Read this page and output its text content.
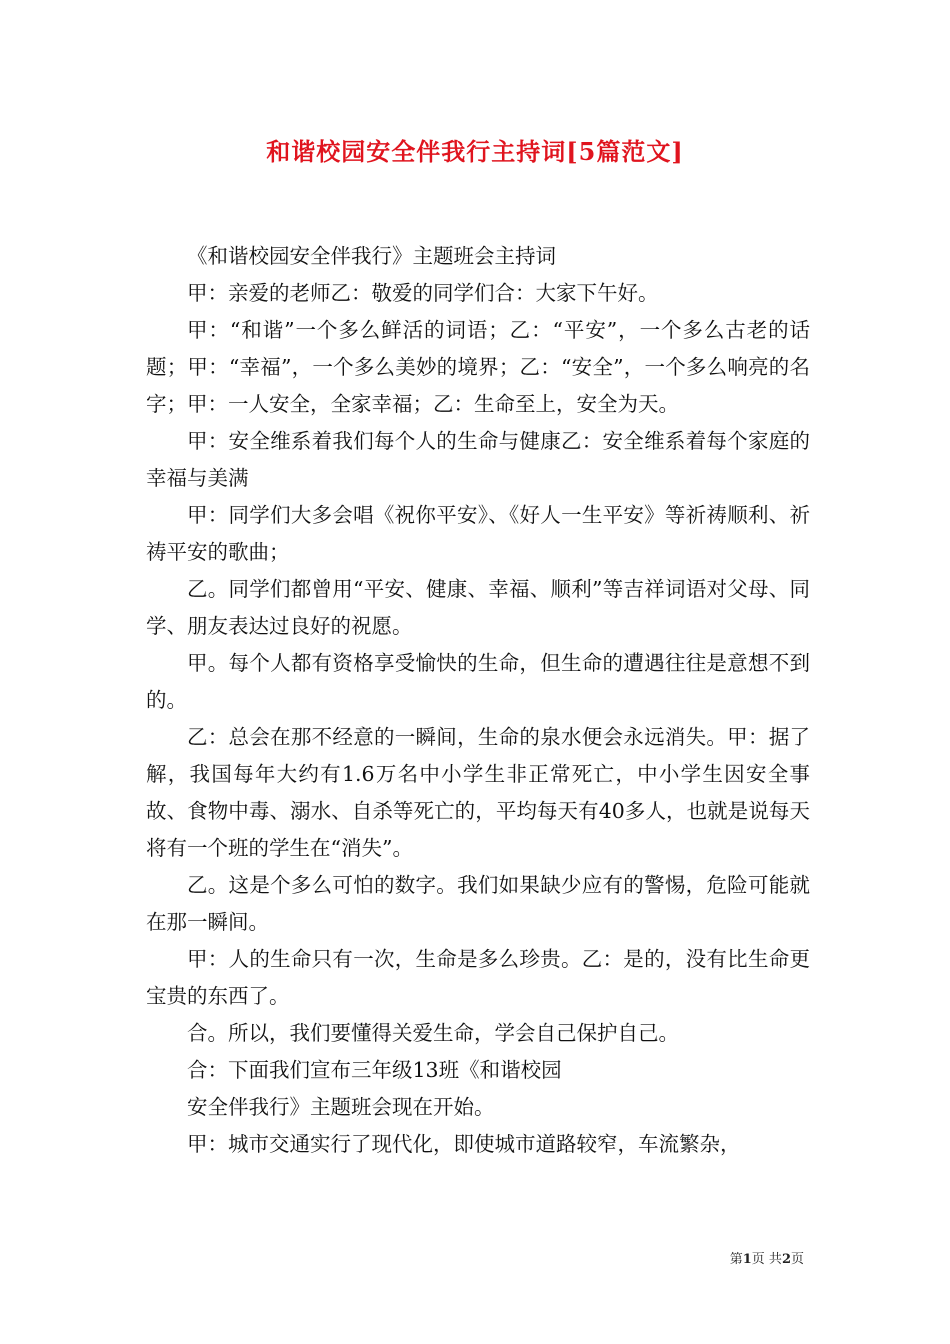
和谐校园安全伴我行主持词[5篇范文]

《和谐校园安全伴我行》主题班会主持词

甲：亲爱的老师乙：敬爱的同学们合：大家下午好。

甲：“和谐”一个多么鲜活的词语；乙：“平安”，一个多么古老的话题；甲：“幸福”，一个多么美妙的境界；乙：“安全”，一个多么响亮的名字；甲：一人安全，全家幸福；乙：生命至上，安全为天。

甲：安全维系着我们每个人的生命与健康乙：安全维系着每个家庭的幸福与美满

甲：同学们大多会唱《祝你平安》、《好人一生平安》等祈祷顺利、祈祷平安的歌曲；

乙。同学们都曾用“平安、健康、幸福、顺利”等吉祥词语对父母、同学、朋友表达过良好的祝愿。

甲。每个人都有资格享受愉快的生命，但生命的遭遇往往是意想不到的。

乙：总会在那不经意的一瞬间，生命的泉水便会永远消失。甲：据了解，我国每年大约有1.6万名中小学生非正常死亡，中小学生因安全事故、食物中毒、溺水、自杀等死亡的，平均每天有40多人，也就是说每天将有一个班的学生在“消失”。

乙。这是个多么可怕的数字。我们如果缺少应有的警惕，危险可能就在那一瞬间。

甲：人的生命只有一次，生命是多么珍贵。乙：是的，没有比生命更宝贵的东西了。

合。所以，我们要懂得关爱生命，学会自己保护自己。

合：下面我们宣布三年级13班《和谐校园

安全伴我行》主题班会现在开始。

甲：城市交通实行了现代化，即使城市道路较窄，车流繁杂，

第1页 共2页
